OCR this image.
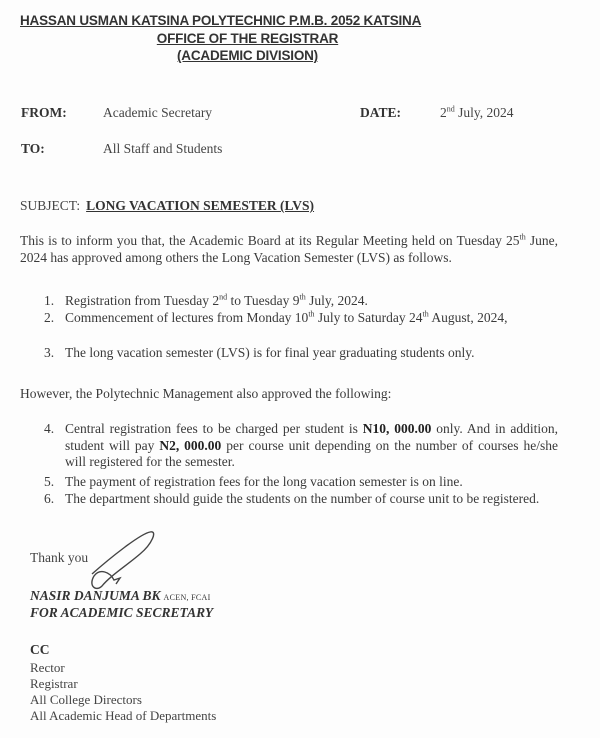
HASSAN USMAN KATSINA POLYTECHNIC P.M.B. 2052 KATSINA
OFFICE OF THE REGISTRAR
(ACADEMIC DIVISION)
FROM:	Academic Secretary	DATE:	2nd July, 2024
TO:	All Staff and Students
SUBJECT: LONG VACATION SEMESTER (LVS)
This is to inform you that, the Academic Board at its Regular Meeting held on Tuesday 25th June, 2024 has approved among others the Long Vacation Semester (LVS) as follows.
1. Registration from Tuesday 2nd to Tuesday 9th July, 2024.
2. Commencement of lectures from Monday 10th July to Saturday 24th August, 2024,
3. The long vacation semester (LVS) is for final year graduating students only.
However, the Polytechnic Management also approved the following:
4. Central registration fees to be charged per student is N10, 000.00 only. And in addition, student will pay N2, 000.00 per course unit depending on the number of courses he/she will registered for the semester.
5. The payment of registration fees for the long vacation semester is on line.
6. The department should guide the students on the number of course unit to be registered.
Thank you
NASIR DANJUMA BK ACEN, FCAI
FOR ACADEMIC SECRETARY
CC
Rector
Registrar
All College Directors
All Academic Head of Departments
